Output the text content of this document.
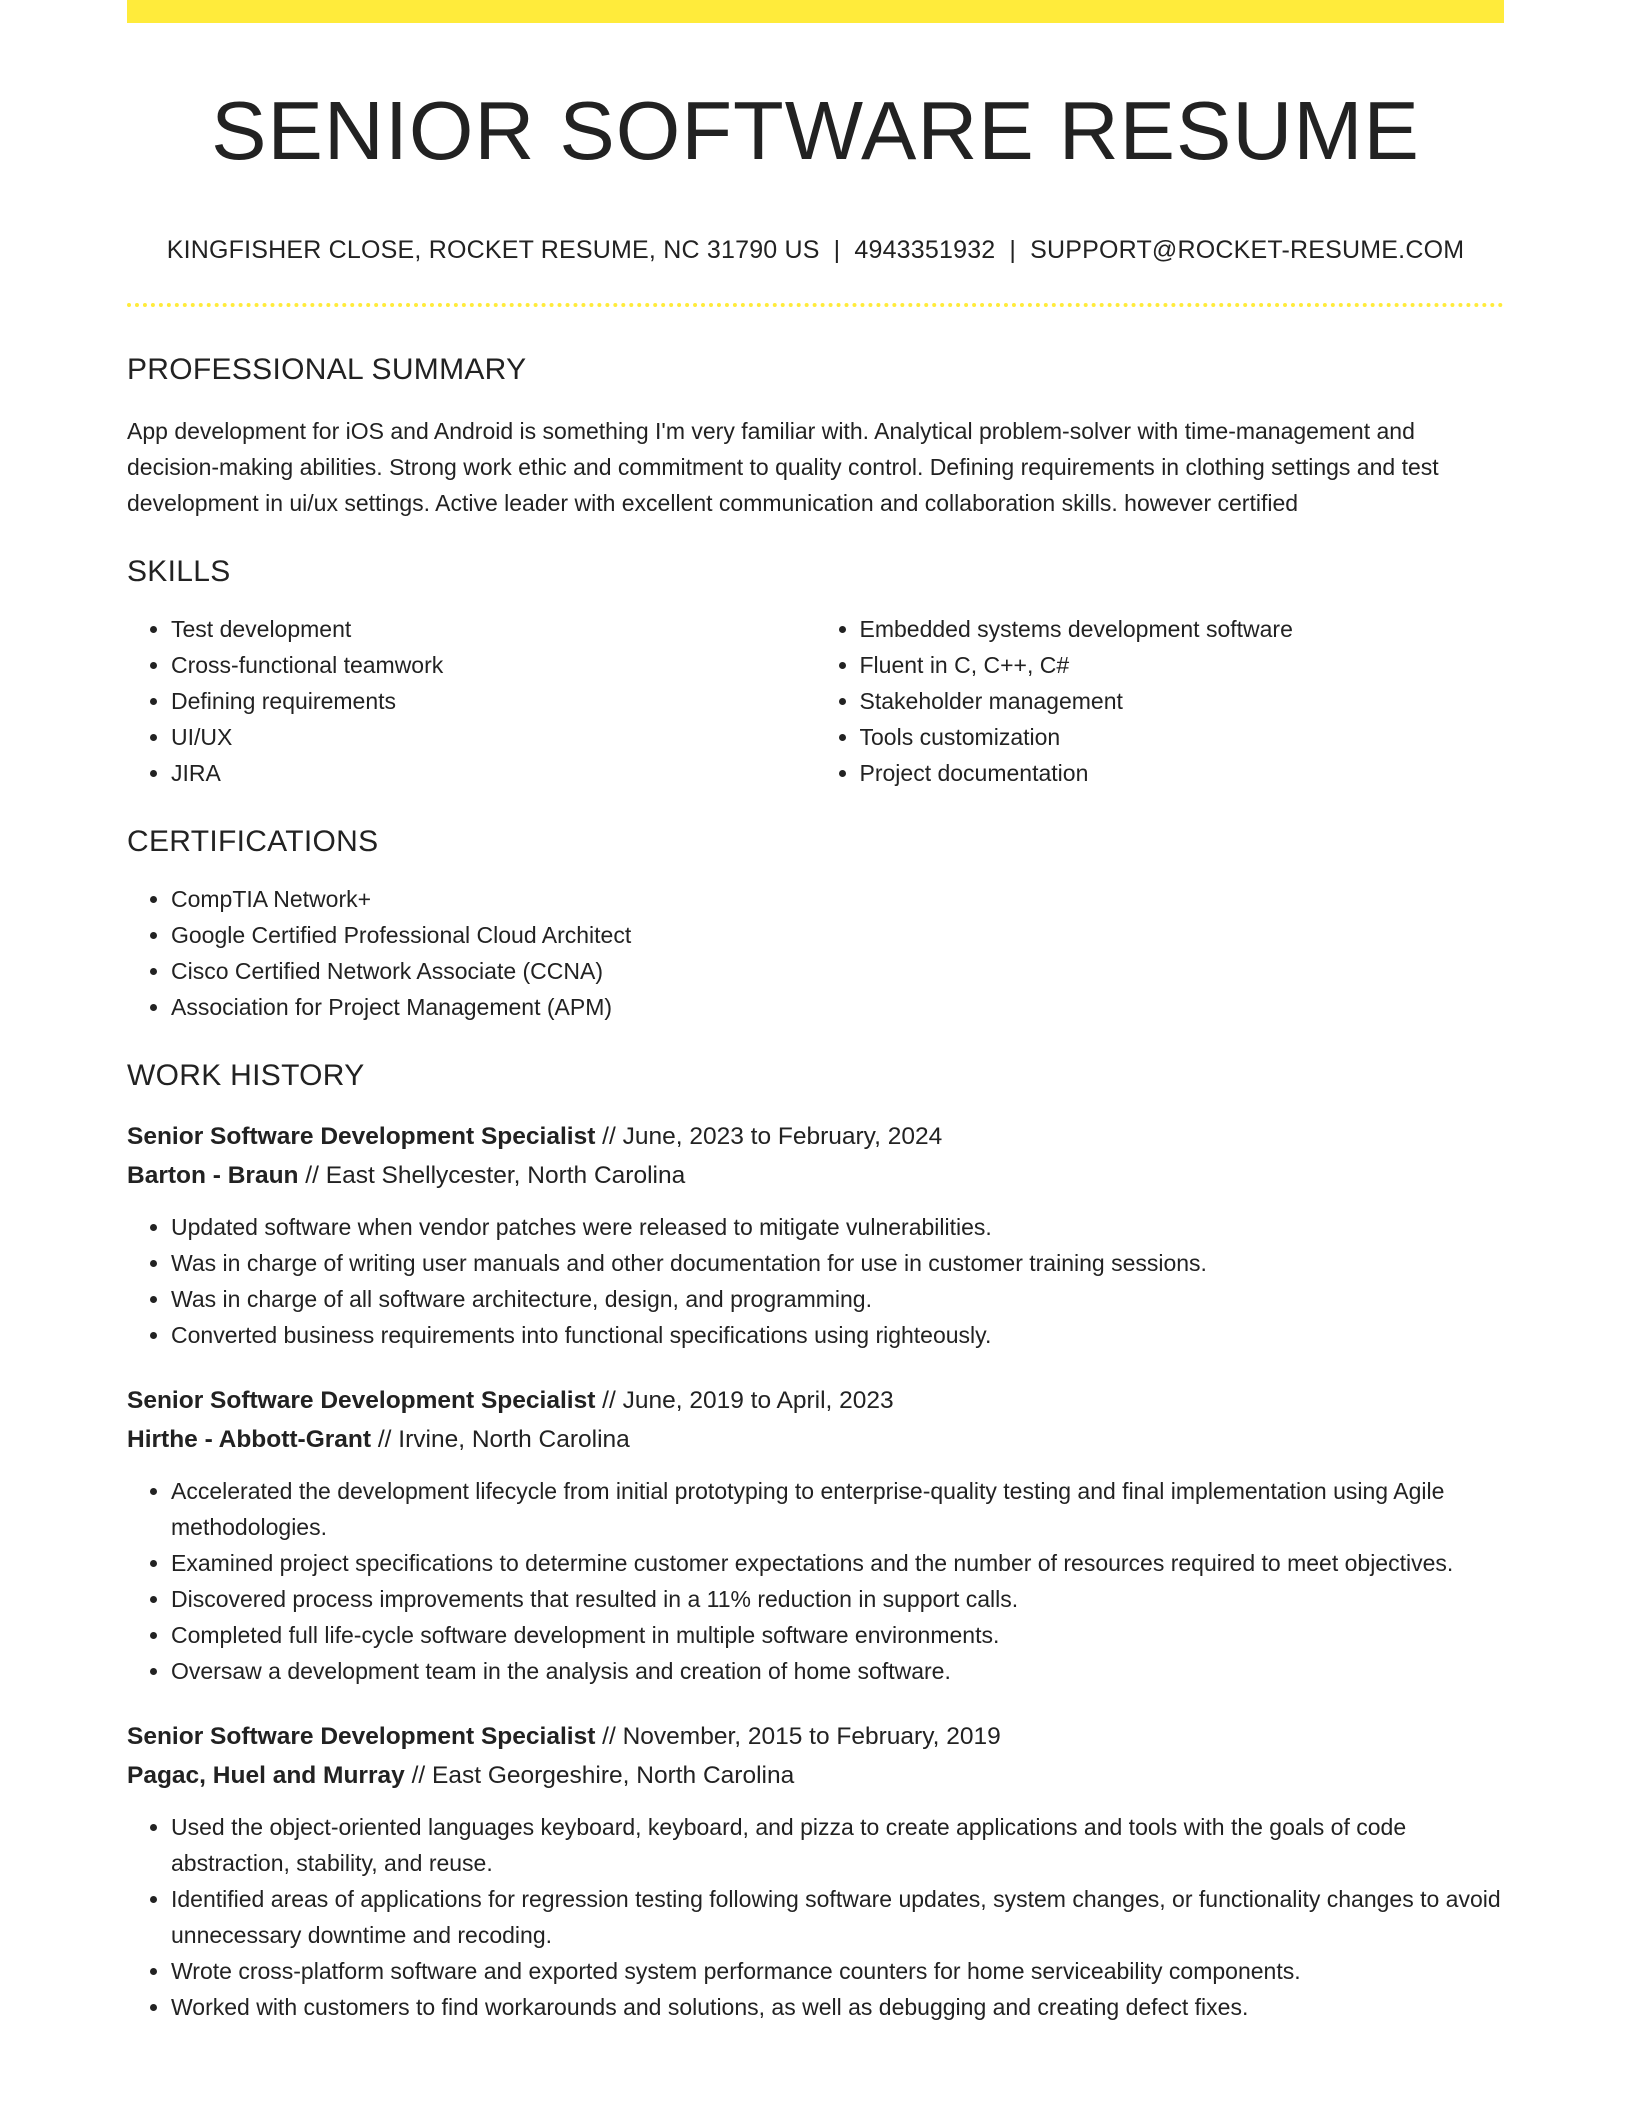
SENIOR SOFTWARE RESUME
KINGFISHER CLOSE, ROCKET RESUME, NC 31790 US | 4943351932 | SUPPORT@ROCKET-RESUME.COM
PROFESSIONAL SUMMARY
App development for iOS and Android is something I'm very familiar with. Analytical problem-solver with time-management and decision-making abilities. Strong work ethic and commitment to quality control. Defining requirements in clothing settings and test development in ui/ux settings. Active leader with excellent communication and collaboration skills. however certified
SKILLS
• Test development
• Cross-functional teamwork
• Defining requirements
• UI/UX
• JIRA
• Embedded systems development software
• Fluent in C, C++, C#
• Stakeholder management
• Tools customization
• Project documentation
CERTIFICATIONS
• CompTIA Network+
• Google Certified Professional Cloud Architect
• Cisco Certified Network Associate (CCNA)
• Association for Project Management (APM)
WORK HISTORY
Senior Software Development Specialist // June, 2023 to February, 2024
Barton - Braun // East Shellycester, North Carolina
• Updated software when vendor patches were released to mitigate vulnerabilities.
• Was in charge of writing user manuals and other documentation for use in customer training sessions.
• Was in charge of all software architecture, design, and programming.
• Converted business requirements into functional specifications using righteously.
Senior Software Development Specialist // June, 2019 to April, 2023
Hirthe - Abbott-Grant // Irvine, North Carolina
• Accelerated the development lifecycle from initial prototyping to enterprise-quality testing and final implementation using Agile methodologies.
• Examined project specifications to determine customer expectations and the number of resources required to meet objectives.
• Discovered process improvements that resulted in a 11% reduction in support calls.
• Completed full life-cycle software development in multiple software environments.
• Oversaw a development team in the analysis and creation of home software.
Senior Software Development Specialist // November, 2015 to February, 2019
Pagac, Huel and Murray // East Georgeshire, North Carolina
• Used the object-oriented languages keyboard, keyboard, and pizza to create applications and tools with the goals of code abstraction, stability, and reuse.
• Identified areas of applications for regression testing following software updates, system changes, or functionality changes to avoid unnecessary downtime and recoding.
• Wrote cross-platform software and exported system performance counters for home serviceability components.
• Worked with customers to find workarounds and solutions, as well as debugging and creating defect fixes.
